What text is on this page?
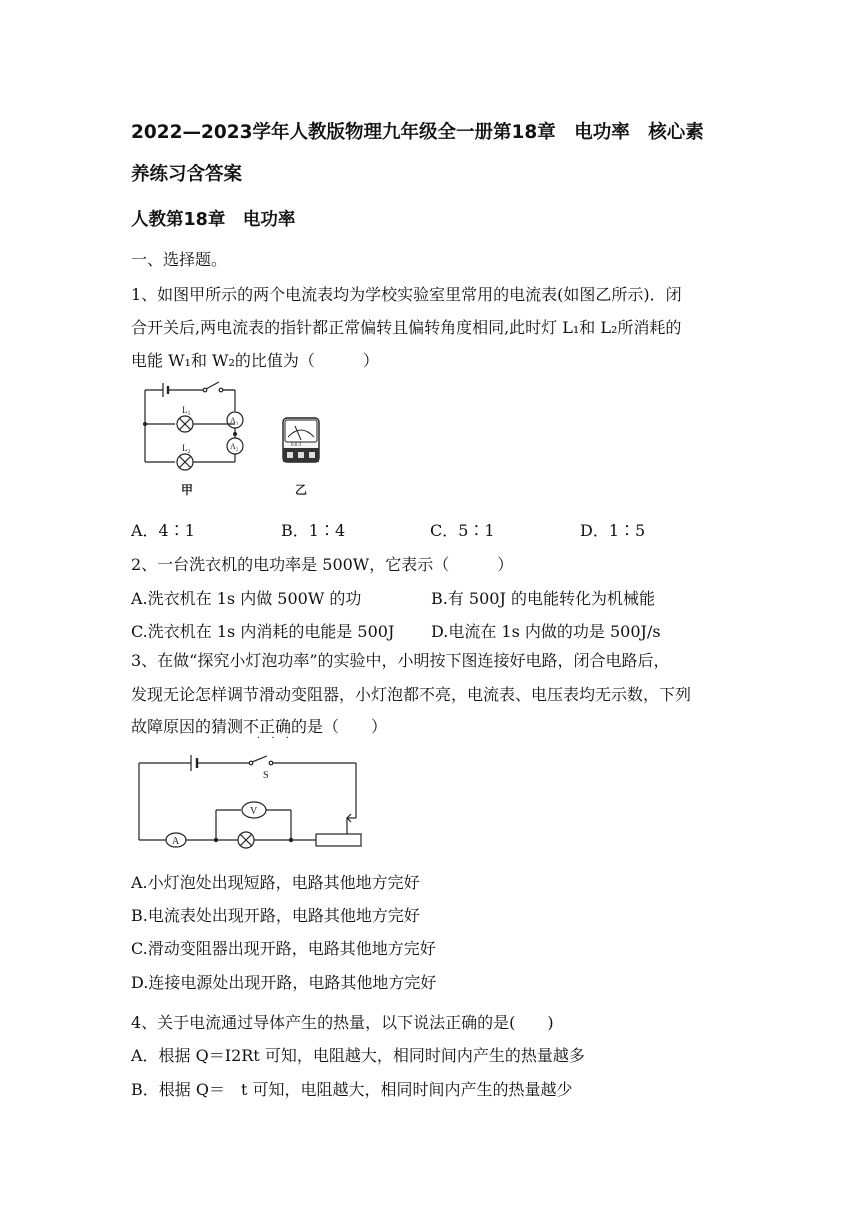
2022—2023学年人教版物理九年级全一册第18章　电功率　核心素
养练习含答案
人教第18章　电功率
一、选择题。
1、如图甲所示的两个电流表均为学校实验室里常用的电流表(如图乙所示)．闭
合开关后,两电流表的指针都正常偏转且偏转角度相同,此时灯 L₁和 L₂所消耗的
电能 W₁和 W₂的比值为（　　　）
L₁
L₂
A₁
A₂
甲
0.6 3
乙
A．4∶1	B．1∶4	C．5∶1	D．1∶5
2、一台洗衣机的电功率是 500W，它表示（　　　）
A.洗衣机在 1s 内做 500W 的功	B.有 500J 的电能转化为机械能
C.洗衣机在 1s 内消耗的电能是 500J D.电流在 1s 内做的功是 500J/s
3、在做“探究小灯泡功率”的实验中，小明按下图连接好电路，闭合电路后，
发现无论怎样调节滑动变阻器，小灯泡都不亮，电流表、电压表均无示数，下列
故障原因的猜测不正确的是（　　）
· · ·
S
V
A
A.小灯泡处出现短路，电路其他地方完好
B.电流表处出现开路，电路其他地方完好
C.滑动变阻器出现开路，电路其他地方完好
D.连接电源处出现开路，电路其他地方完好
4、关于电流通过导体产生的热量，以下说法正确的是(　　)
A．根据 Q＝I2Rt 可知，电阻越大，相同时间内产生的热量越多
B．根据 Q＝　t 可知，电阻越大，相同时间内产生的热量越少
